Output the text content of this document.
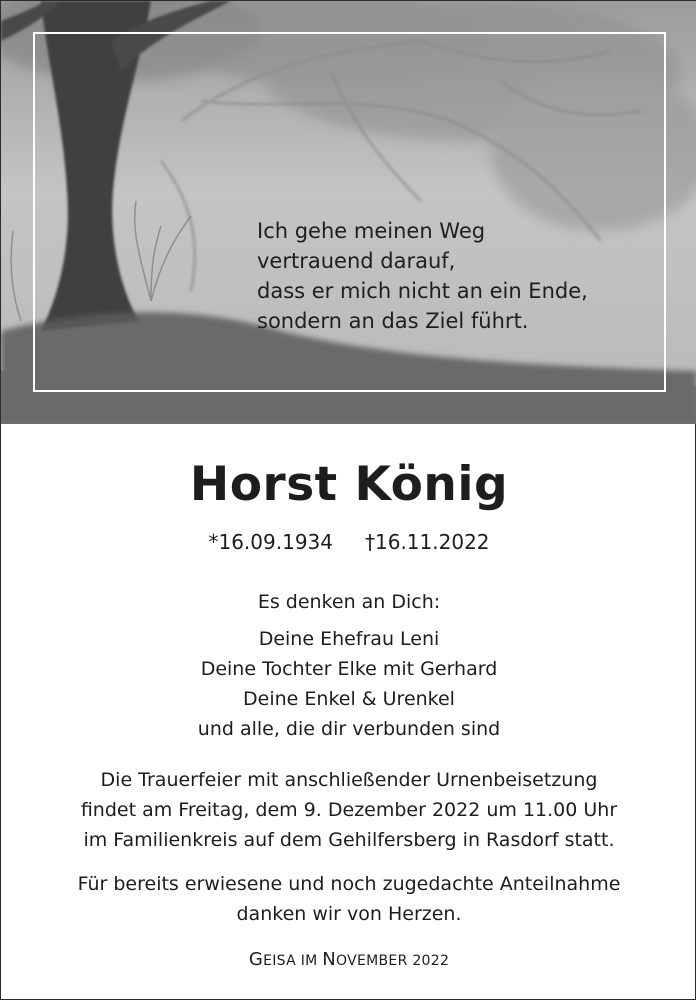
Ich gehe meinen Weg
vertrauend darauf,
dass er mich nicht an ein Ende,
sondern an das Ziel führt.
Horst König
*16.09.1934 †16.11.2022
Es denken an Dich:
Deine Ehefrau Leni
Deine Tochter Elke mit Gerhard
Deine Enkel & Urenkel
und alle, die dir verbunden sind
Die Trauerfeier mit anschließender Urnenbeisetzung
findet am Freitag, dem 9. Dezember 2022 um 11.00 Uhr
im Familienkreis auf dem Gehilfersberg in Rasdorf statt.
Für bereits erwiesene und noch zugedachte Anteilnahme
danken wir von Herzen.
GEISA IM NOVEMBER 2022
